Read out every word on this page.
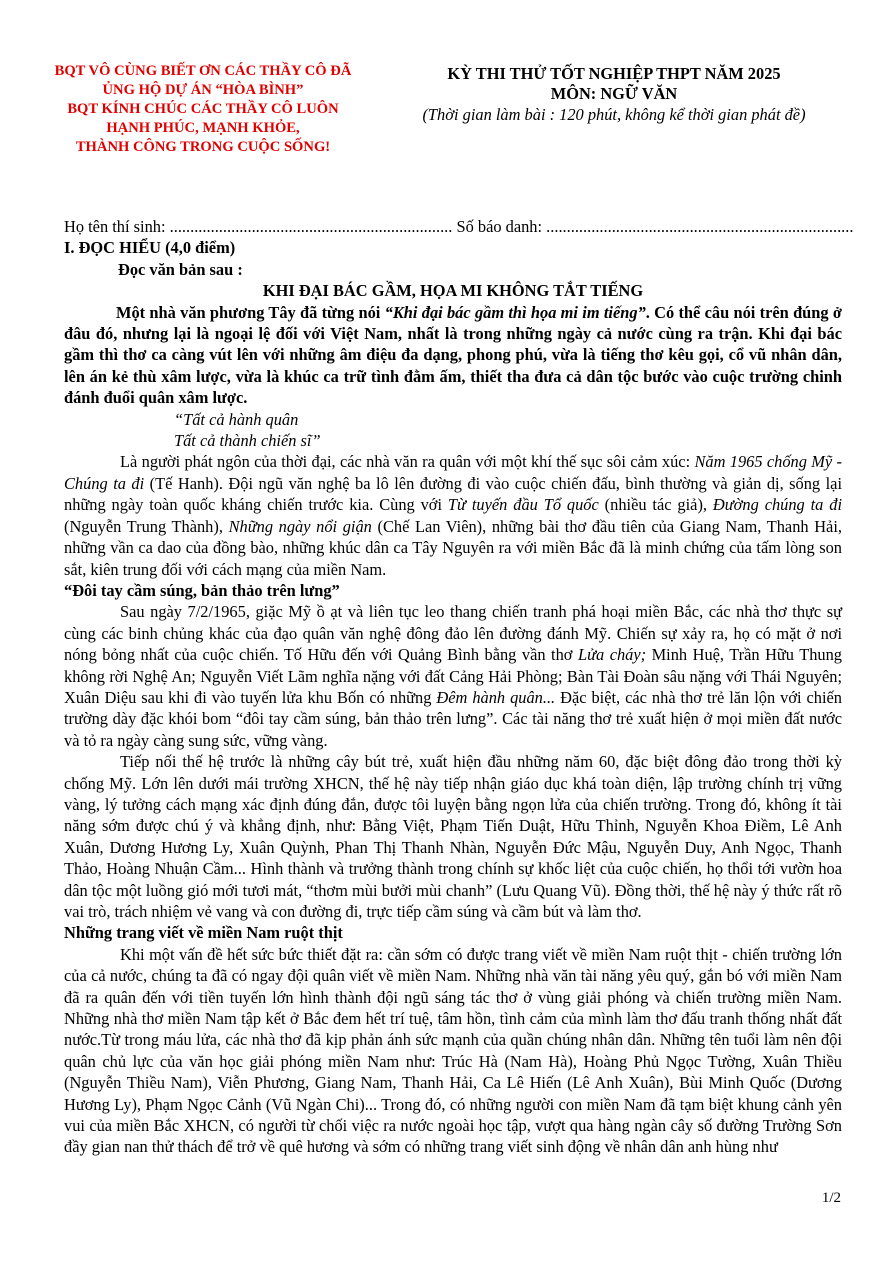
BQT VÔ CÙNG BIẾT ƠN CÁC THẦY CÔ ĐÃ
ỦNG HỘ DỰ ÁN “HÒA BÌNH”
BQT KÍNH CHÚC CÁC THẦY CÔ LUÔN
HẠNH PHÚC, MẠNH KHỎE,
THÀNH CÔNG TRONG CUỘC SỐNG!
KỲ THI THỬ TỐT NGHIỆP THPT NĂM 2025
MÔN: NGỮ VĂN
(Thời gian làm bài : 120 phút, không kể thời gian phát đề)
Họ tên thí sinh: ..................................................................... Số báo danh: ...........................................................................
I. ĐỌC HIỂU (4,0 điểm)
Đọc văn bản sau :
KHI ĐẠI BÁC GẦM, HỌA MI KHÔNG TẮT TIẾNG

Một nhà văn phương Tây đã từng nói “Khi đại bác gầm thì họa mi im tiếng”. Có thể câu nói trên đúng ở đâu đó, nhưng lại là ngoại lệ đối với Việt Nam, nhất là trong những ngày cả nước cùng ra trận. Khi đại bác gầm thì thơ ca càng vút lên với những âm điệu đa dạng, phong phú, vừa là tiếng thơ kêu gọi, cổ vũ nhân dân, lên án kẻ thù xâm lược, vừa là khúc ca trữ tình đằm ấm, thiết tha đưa cả dân tộc bước vào cuộc trường chinh đánh đuổi quân xâm lược.

“Tất cả hành quân
Tất cả thành chiến sĩ”

Là người phát ngôn của thời đại, các nhà văn ra quân với một khí thế sục sôi cảm xúc: Năm 1965 chống Mỹ - Chúng ta đi (Tế Hanh). Đội ngũ văn nghệ ba lô lên đường đi vào cuộc chiến đấu, bình thường và giản dị, sống lại những ngày toàn quốc kháng chiến trước kia. Cùng với Từ tuyến đầu Tổ quốc (nhiều tác giả), Đường chúng ta đi (Nguyễn Trung Thành), Những ngày nổi giận (Chế Lan Viên), những bài thơ đầu tiên của Giang Nam, Thanh Hải, những vần ca dao của đồng bào, những khúc dân ca Tây Nguyên ra với miền Bắc đã là minh chứng của tấm lòng son sắt, kiên trung đối với cách mạng của miền Nam.

“Đôi tay cầm súng, bản thảo trên lưng”

Sau ngày 7/2/1965, giặc Mỹ ồ ạt và liên tục leo thang chiến tranh phá hoại miền Bắc, các nhà thơ thực sự cùng các binh chủng khác của đạo quân văn nghệ đông đảo lên đường đánh Mỹ. Chiến sự xảy ra, họ có mặt ở nơi nóng bỏng nhất của cuộc chiến. Tố Hữu đến với Quảng Bình bằng vần thơ Lửa cháy; Minh Huệ, Trần Hữu Thung không rời Nghệ An; Nguyễn Viết Lãm nghĩa nặng với đất Cảng Hải Phòng; Bàn Tài Đoàn sâu nặng với Thái Nguyên; Xuân Diệu sau khi đi vào tuyến lửa khu Bốn có những Đêm hành quân... Đặc biệt, các nhà thơ trẻ lăn lộn với chiến trường dày đặc khói bom “đôi tay cầm súng, bản thảo trên lưng”. Các tài năng thơ trẻ xuất hiện ở mọi miền đất nước và tỏ ra ngày càng sung sức, vững vàng.

Tiếp nối thế hệ trước là những cây bút trẻ, xuất hiện đầu những năm 60, đặc biệt đông đảo trong thời kỳ chống Mỹ. Lớn lên dưới mái trường XHCN, thế hệ này tiếp nhận giáo dục khá toàn diện, lập trường chính trị vững vàng, lý tưởng cách mạng xác định đúng đắn, được tôi luyện bằng ngọn lửa của chiến trường. Trong đó, không ít tài năng sớm được chú ý và khẳng định, như: Bằng Việt, Phạm Tiến Duật, Hữu Thỉnh, Nguyễn Khoa Điềm, Lê Anh Xuân, Dương Hương Ly, Xuân Quỳnh, Phan Thị Thanh Nhàn, Nguyễn Đức Mậu, Nguyễn Duy, Anh Ngọc, Thanh Thảo, Hoàng Nhuận Cầm... Hình thành và trưởng thành trong chính sự khốc liệt của cuộc chiến, họ thổi tới vườn hoa dân tộc một luồng gió mới tươi mát, “thơm mùi bưởi mùi chanh” (Lưu Quang Vũ). Đồng thời, thế hệ này ý thức rất rõ vai trò, trách nhiệm vẻ vang và con đường đi, trực tiếp cầm súng và cầm bút và làm thơ.

Những trang viết về miền Nam ruột thịt

Khi một vấn đề hết sức bức thiết đặt ra: cần sớm có được trang viết về miền Nam ruột thịt - chiến trường lớn của cả nước, chúng ta đã có ngay đội quân viết về miền Nam. Những nhà văn tài năng yêu quý, gắn bó với miền Nam đã ra quân đến với tiền tuyến lớn hình thành đội ngũ sáng tác thơ ở vùng giải phóng và chiến trường miền Nam. Những nhà thơ miền Nam tập kết ở Bắc đem hết trí tuệ, tâm hồn, tình cảm của mình làm thơ đấu tranh thống nhất đất nước.Từ trong máu lửa, các nhà thơ đã kịp phản ánh sức mạnh của quần chúng nhân dân. Những tên tuổi làm nên đội quân chủ lực của văn học giải phóng miền Nam như: Trúc Hà (Nam Hà), Hoàng Phủ Ngọc Tường, Xuân Thiều (Nguyễn Thiều Nam), Viễn Phương, Giang Nam, Thanh Hải, Ca Lê Hiến (Lê Anh Xuân), Bùi Minh Quốc (Dương Hương Ly), Phạm Ngọc Cảnh (Vũ Ngàn Chi)... Trong đó, có những người con miền Nam đã tạm biệt khung cảnh yên vui của miền Bắc XHCN, có người từ chối việc ra nước ngoài học tập, vượt qua hàng ngàn cây số đường Trường Sơn đầy gian nan thử thách để trở về quê hương và sớm có những trang viết sinh động về nhân dân anh hùng như

1/2
